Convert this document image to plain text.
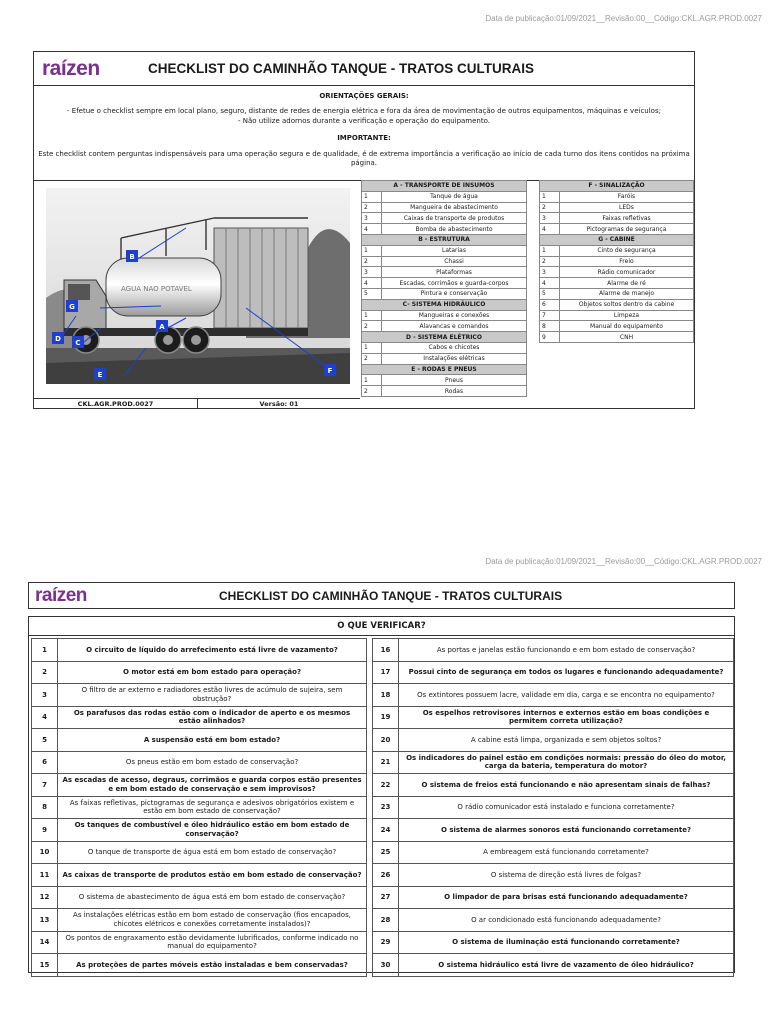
Data de publicação:01/09/2021__Revisão:00__Código:CKL.AGR.PROD.0027
raízen	CHECKLIST DO CAMINHÃO TANQUE - TRATOS CULTURAIS
ORIENTAÇÕES GERAIS:
- Efetue o checklist sempre em local plano, seguro, distante de redes de energia elétrica e fora da área de movimentação de outros equipamentos, máquinas e veículos;
- Não utilize adornos durante a verificação e operação do equipamento.
IMPORTANTE:
Este checklist contem perguntas indispensáveis para uma operação segura e de qualidade, é de extrema importância a verificação ao início de cada turno dos itens contidos na próxima página.
AGUA NAO POTAVEL
B
G
A
D C
E	F
A - TRANSPORTE DE INSUMOS	
1	Tanque de água
2	Mangueira de abastecimento
3	Caixas de transporte de produtos
4	Bomba de abastecimento
B - ESTRUTURA	
1	Latarias
2	Chassi
3	Plataformas
4	Escadas, corrimãos e guarda-corpos
5	Pintura e conservação
C- SISTEMA HIDRÁULICO	
1	Mangueiras e conexões
2	Alavancas e comandos
D - SISTEMA ELÉTRICO	
1	Cabos e chicotes
2	Instalações elétricas
E - RODAS E PNEUS	
1	Pneus
2	Rodas
F - SINALIZAÇÃO	
1	Faróis
2	LEDs
3	Faixas refletivas
4	Pictogramas de segurança
G - CABINE	
1	Cinto de segurança
2	Freio
3	Rádio comunicador
4	Alarme de ré
5	Alarme de manejo
6	Objetos soltos dentro da cabine
7	Limpeza
8	Manual do equipamento
9	CNH
CKL.AGR.PROD.0027	Versão: 01
Data de publicação:01/09/2021__Revisão:00__Código:CKL.AGR.PROD.0027
raízen	CHECKLIST DO CAMINHÃO TANQUE - TRATOS CULTURAIS
O QUE VERIFICAR?
1	O circuito de líquido do arrefecimento está livre de vazamento?
2	O motor está em bom estado para operação?
3	O filtro de ar externo e radiadores estão livres de acúmulo de sujeira, sem obstrução?
4	Os parafusos das rodas estão com o indicador de aperto e os mesmos estão alinhados?
5	A suspensão está em bom estado?
6	Os pneus estão em bom estado de conservação?
7	As escadas de acesso, degraus, corrimãos e guarda corpos estão presentes e em bom estado de conservação e sem improvisos?
8	As faixas refletivas, pictogramas de segurança e adesivos obrigatórios existem e estão em bom estado de conservação?
9	Os tanques de combustível e óleo hidráulico estão em bom estado de conservação?
10	O tanque de transporte de água está em bom estado de conservação?
11	As caixas de transporte de produtos estão em bom estado de conservação?
12	O sistema de abastecimento de água está em bom estado de conservação?
13	As instalações elétricas estão em bom estado de conservação (fios encapados, chicotes elétricos e conexões corretamente instalados)?
14	Os pontos de engraxamento estão devidamente lubrificados, conforme indicado no manual do equipamento?
15	As proteções de partes móveis estão instaladas e bem conservadas?
16	As portas e janelas estão funcionando e em bom estado de conservação?
17	Possui cinto de segurança em todos os lugares e funcionando adequadamente?
18	Os extintores possuem lacre, validade em dia, carga e se encontra no equipamento?
19	Os espelhos retrovisores internos e externos estão em boas condições e permitem correta utilização?
20	A cabine está limpa, organizada e sem objetos soltos?
21	Os indicadores do painel estão em condições normais: pressão do óleo do motor, carga da bateria, temperatura do motor?
22	O sistema de freios está funcionando e não apresentam sinais de falhas?
23	O rádio comunicador está instalado e funciona corretamente?
24	O sistema de alarmes sonoros está funcionando corretamente?
25	A embreagem está funcionando corretamente?
26	O sistema de direção está livres de folgas?
27	O limpador de para brisas está funcionando adequadamente?
28	O ar condicionado está funcionando adequadamente?
29	O sistema de iluminação está funcionando corretamente?
30	O sistema hidráulico está livre de vazamento de óleo hidráulico?
